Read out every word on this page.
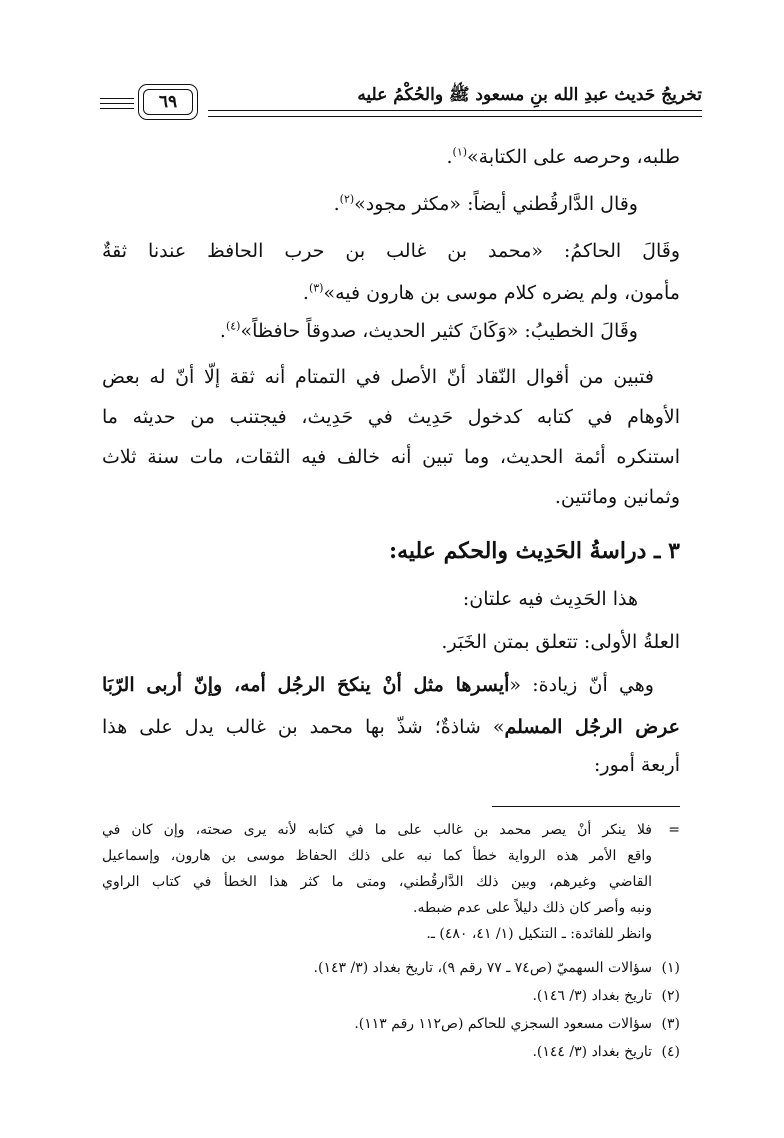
تخريجُ حَديث عبدِ الله بنِ مسعود ﷺ والحُكْمُ عليه
٦٩
طلبه، وحرصه على الكتابة»$^{(١)}$.
وقال الدَّارقُطني أيضاً: «مكثر مجود»$^{(٢)}$.
وقَالَ الحاكمُ: «محمد بن غالب بن حرب الحافظ عندنا ثقةٌ
مأمون، ولم يضره كلام موسى بن هارون فيه»$^{(٣)}$.
وقَالَ الخطيبُ: «وَكَانَ كثير الحديث، صدوقاً حافظاً»$^{(٤)}$.
فتبين من أقوال النّقاد أنّ الأصل في التمتام أنه ثقة إلّا أنّ له بعض
الأوهام في كتابه كدخول حَدِيث في حَدِيث، فيجتنب من حديثه ما
استنكره أئمة الحديث، وما تبين أنه خالف فيه الثقات، مات سنة ثلاث
وثمانين ومائتين.
٣ ـ دراسةُ الحَدِيث والحكم عليه:
هذا الحَدِيث فيه علتان:
العلةُ الأولى: تتعلق بمتن الخَبَر.
وهي أنّ زيادة: «أيسرها مثل أنْ ينكحَ الرجُل أمه، وإنّ أربى الرّبَا
عرض الرجُل المسلم» شاذةٌ؛ شذّ بها محمد بن غالب يدل على هذا
أربعة أمور:
=
فلا ينكر أنْ يصر محمد بن غالب على ما في كتابه لأنه يرى صحته، وإن كان في
واقع الأمر هذه الرواية خطأ كما نبه على ذلك الحفاظ موسى بن هارون، وإسماعيل
القاضي وغيرهم، وبين ذلك الدَّارقُطني، ومتى ما كثر هذا الخطأ في كتاب الراوي
ونبه وأصر كان ذلك دليلاً على عدم ضبطه.
وانظر للفائدة: ـ التنكيل (١/ ٤١، ٤٨٠) ـ.
(١)
سؤالات السهميّ (ص٧٤ ـ ٧٧ رقم ٩)، تاريخ بغداد (٣/ ١٤٣).
(٢)
تاريخ بغداد (٣/ ١٤٦).
(٣)
سؤالات مسعود السجزي للحاكم (ص١١٢ رقم ١١٣).
(٤)
تاريخ بغداد (٣/ ١٤٤).
